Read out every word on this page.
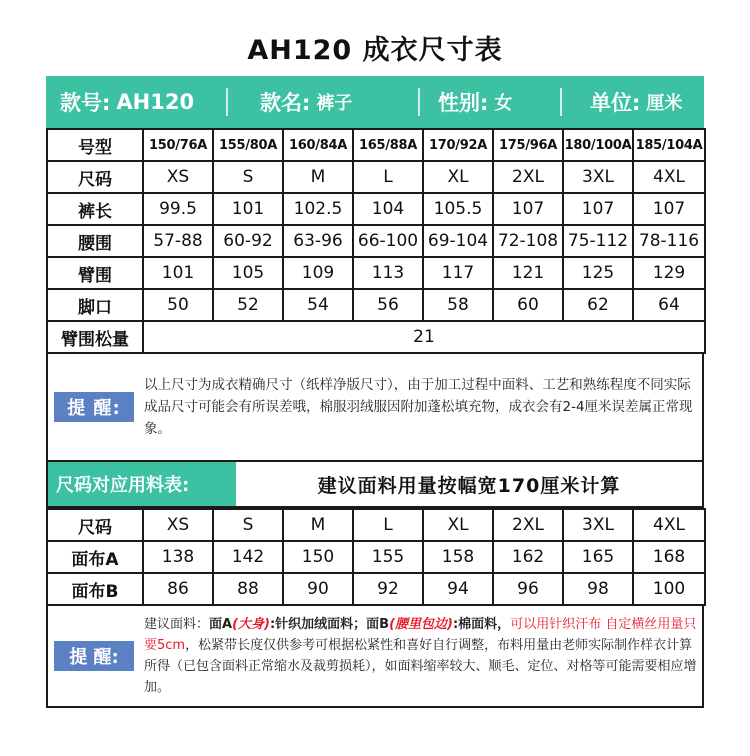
AH120 成衣尺寸表
款号: AH120	款名: 裤子	性别: 女	单位: 厘米
号型	150/76A	155/80A	160/84A	165/88A	170/92A	175/96A	180/100A	185/104A
尺码	XS	S	M	L	XL	2XL	3XL	4XL
裤长	99.5	101	102.5	104	105.5	107	107	107
腰围	57-88	60-92	63-96	66-100	69-104	72-108	75-112	78-116
臂围	101	105	109	113	117	121	125	129
脚口	50	52	54	56	58	60	62	64
臂围松量	21							
提 醒:
以上尺寸为成衣精确尺寸（纸样净版尺寸），由于加工过程中面料、工艺和熟练程度不同实际成品尺寸可能会有所误差哦，棉服羽绒服因附加蓬松填充物，成衣会有2-4厘米误差属正常现象。
尺码对应用料表:	建议面料用量按幅宽170厘米计算
尺码	XS	S	M	L	XL	2XL	3XL	4XL
面布A	138	142	150	155	158	162	165	168
面布B	86	88	90	92	94	96	98	100
提 醒:
建议面料：面A(大身):针织加绒面料；面B(腰里包边):棉面料，可以用针织汗布 自定横丝用量只要5cm，松紧带长度仅供参考可根据松紧性和喜好自行调整，布料用量由老师实际制作样衣计算所得（已包含面料正常缩水及裁剪损耗），如面料缩率较大、顺毛、定位、对格等可能需要相应增加。
